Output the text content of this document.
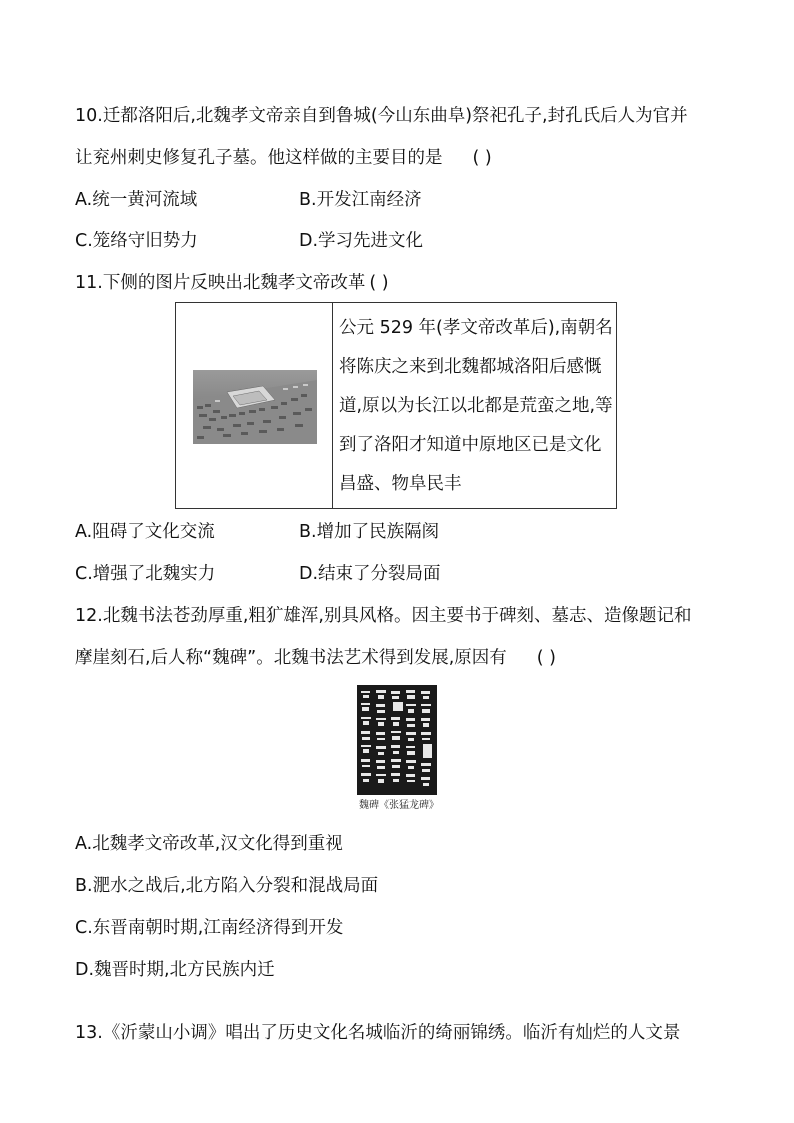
10.迁都洛阳后,北魏孝文帝亲自到鲁城(今山东曲阜)祭祀孔子,封孔氏后人为官并
让兖州刺史修复孔子墓。他这样做的主要目的是 ( )
A.统一黄河流域	B.开发江南经济
C.笼络守旧势力	D.学习先进文化
11.下侧的图片反映出北魏孝文帝改革 ( )
公元 529 年(孝文帝改革后),南朝名将陈庆之来到北魏都城洛阳后感慨道,原以为长江以北都是荒蛮之地,等到了洛阳才知道中原地区已是文化昌盛、物阜民丰
A.阻碍了文化交流	B.增加了民族隔阂
C.增强了北魏实力	D.结束了分裂局面
12.北魏书法苍劲厚重,粗犷雄浑,别具风格。因主要书于碑刻、墓志、造像题记和
摩崖刻石,后人称“魏碑”。北魏书法艺术得到发展,原因有 ( )
魏碑《张猛龙碑》
A.北魏孝文帝改革,汉文化得到重视
B.淝水之战后,北方陷入分裂和混战局面
C.东晋南朝时期,江南经济得到开发
D.魏晋时期,北方民族内迁
13.《沂蒙山小调》唱出了历史文化名城临沂的绮丽锦绣。临沂有灿烂的人文景
